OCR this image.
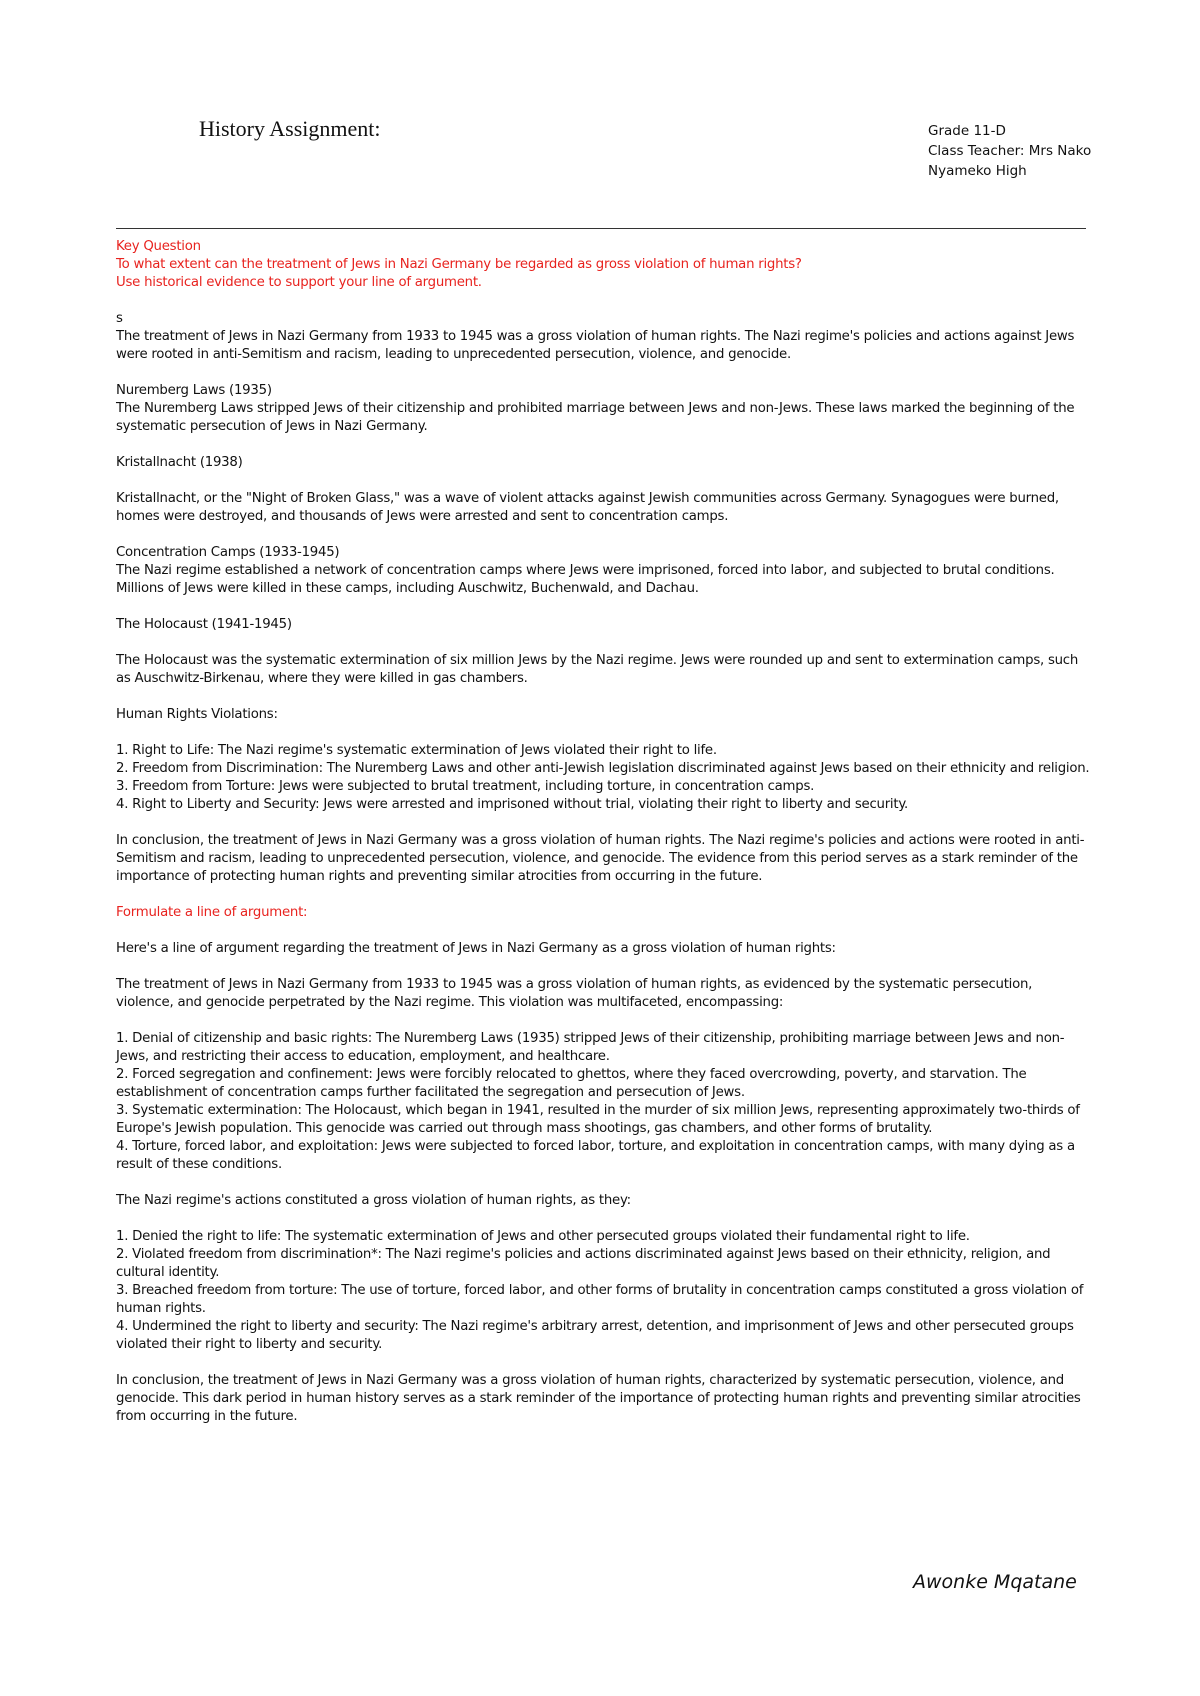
History Assignment:	Grade 11-D
Class Teacher: Mrs Nako
Nyameko High

Key Question

To what extent can the treatment of Jews in Nazi Germany be regarded as gross violation of human rights?

Use historical evidence to support your line of argument.

s

The treatment of Jews in Nazi Germany from 1933 to 1945 was a gross violation of human rights. The Nazi regime's policies and actions against Jews were rooted in anti-Semitism and racism, leading to unprecedented persecution, violence, and genocide.

Nuremberg Laws (1935)

The Nuremberg Laws stripped Jews of their citizenship and prohibited marriage between Jews and non-Jews. These laws marked the beginning of the systematic persecution of Jews in Nazi Germany.

Kristallnacht (1938)

Kristallnacht, or the "Night of Broken Glass," was a wave of violent attacks against Jewish communities across Germany. Synagogues were burned, homes were destroyed, and thousands of Jews were arrested and sent to concentration camps.

Concentration Camps (1933-1945)

The Nazi regime established a network of concentration camps where Jews were imprisoned, forced into labor, and subjected to brutal conditions. Millions of Jews were killed in these camps, including Auschwitz, Buchenwald, and Dachau.

The Holocaust (1941-1945)

The Holocaust was the systematic extermination of six million Jews by the Nazi regime. Jews were rounded up and sent to extermination camps, such as Auschwitz-Birkenau, where they were killed in gas chambers.

Human Rights Violations:

1. Right to Life: The Nazi regime's systematic extermination of Jews violated their right to life.

2. Freedom from Discrimination: The Nuremberg Laws and other anti-Jewish legislation discriminated against Jews based on their ethnicity and religion.

3. Freedom from Torture: Jews were subjected to brutal treatment, including torture, in concentration camps.

4. Right to Liberty and Security: Jews were arrested and imprisoned without trial, violating their right to liberty and security.

In conclusion, the treatment of Jews in Nazi Germany was a gross violation of human rights. The Nazi regime's policies and actions were rooted in anti-Semitism and racism, leading to unprecedented persecution, violence, and genocide. The evidence from this period serves as a stark reminder of the importance of protecting human rights and preventing similar atrocities from occurring in the future.

Formulate a line of argument:

Here's a line of argument regarding the treatment of Jews in Nazi Germany as a gross violation of human rights:

The treatment of Jews in Nazi Germany from 1933 to 1945 was a gross violation of human rights, as evidenced by the systematic persecution, violence, and genocide perpetrated by the Nazi regime. This violation was multifaceted, encompassing:

1. Denial of citizenship and basic rights: The Nuremberg Laws (1935) stripped Jews of their citizenship, prohibiting marriage between Jews and non-Jews, and restricting their access to education, employment, and healthcare.

2. Forced segregation and confinement: Jews were forcibly relocated to ghettos, where they faced overcrowding, poverty, and starvation. The establishment of concentration camps further facilitated the segregation and persecution of Jews.

3. Systematic extermination: The Holocaust, which began in 1941, resulted in the murder of six million Jews, representing approximately two-thirds of Europe's Jewish population. This genocide was carried out through mass shootings, gas chambers, and other forms of brutality.

4. Torture, forced labor, and exploitation: Jews were subjected to forced labor, torture, and exploitation in concentration camps, with many dying as a result of these conditions.

The Nazi regime's actions constituted a gross violation of human rights, as they:

1. Denied the right to life: The systematic extermination of Jews and other persecuted groups violated their fundamental right to life.

2. Violated freedom from discrimination*: The Nazi regime's policies and actions discriminated against Jews based on their ethnicity, religion, and cultural identity.

3. Breached freedom from torture: The use of torture, forced labor, and other forms of brutality in concentration camps constituted a gross violation of human rights.

4. Undermined the right to liberty and security: The Nazi regime's arbitrary arrest, detention, and imprisonment of Jews and other persecuted groups violated their right to liberty and security.

In conclusion, the treatment of Jews in Nazi Germany was a gross violation of human rights, characterized by systematic persecution, violence, and genocide. This dark period in human history serves as a stark reminder of the importance of protecting human rights and preventing similar atrocities from occurring in the future.

Awonke Mqatane
